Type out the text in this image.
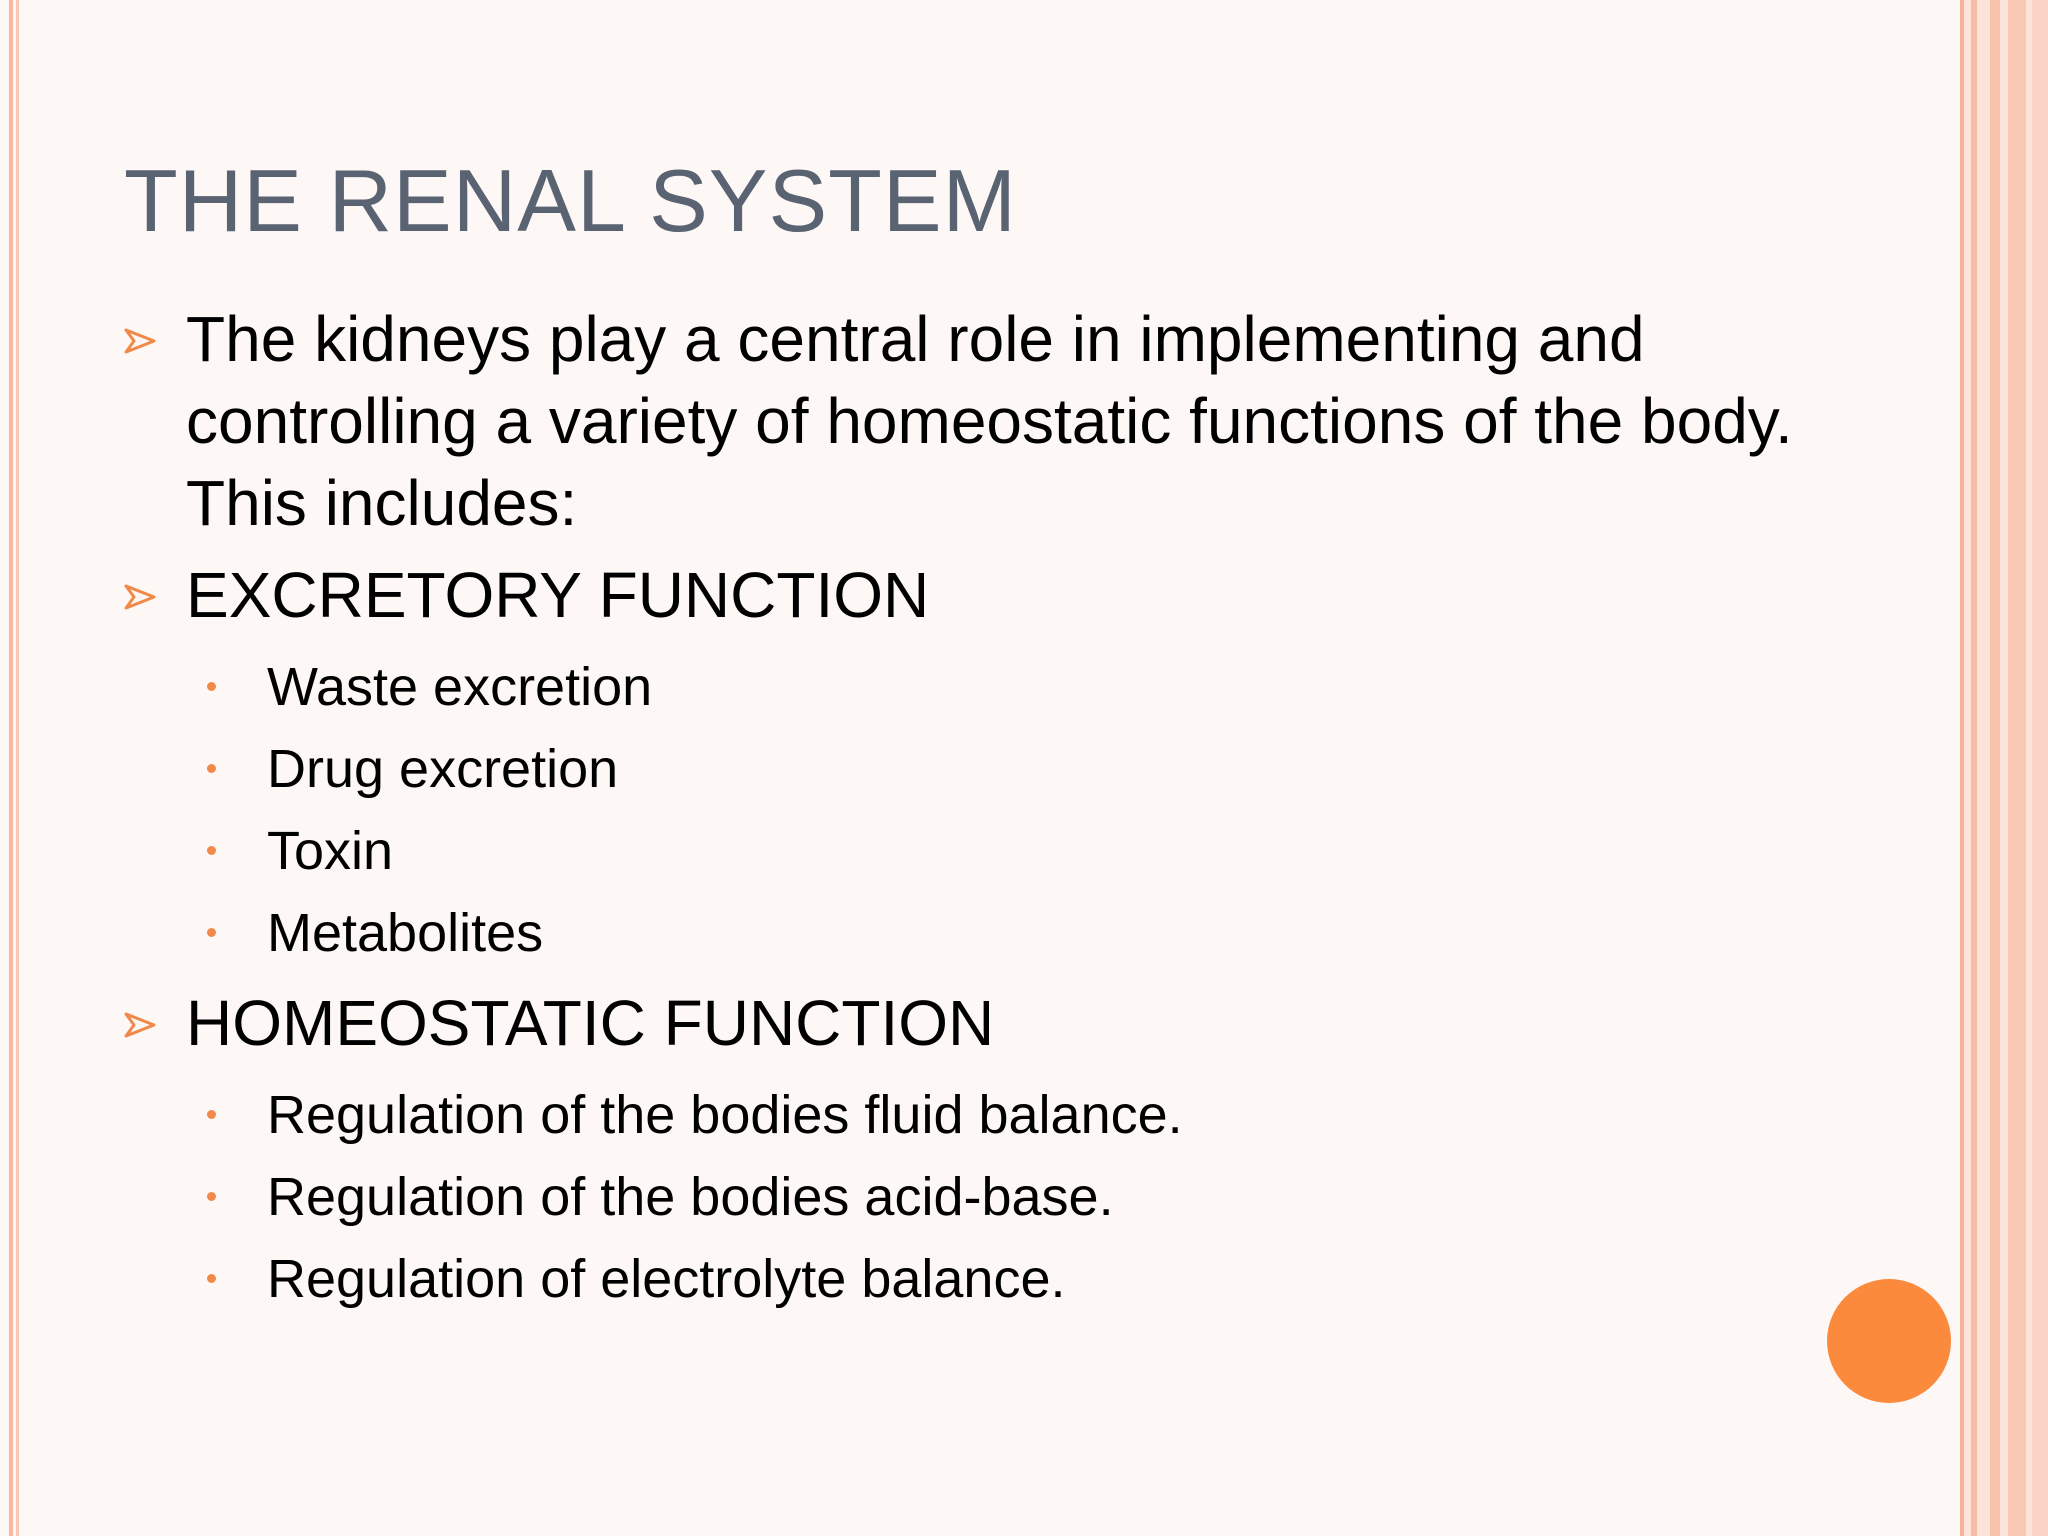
THE RENAL SYSTEM
The kidneys play a central role in implementing and controlling a variety of homeostatic functions of the body. This includes:
EXCRETORY FUNCTION
Waste excretion
Drug excretion
Toxin
Metabolites
HOMEOSTATIC FUNCTION
Regulation of the bodies fluid balance.
Regulation of the bodies acid-base.
Regulation of electrolyte balance.
